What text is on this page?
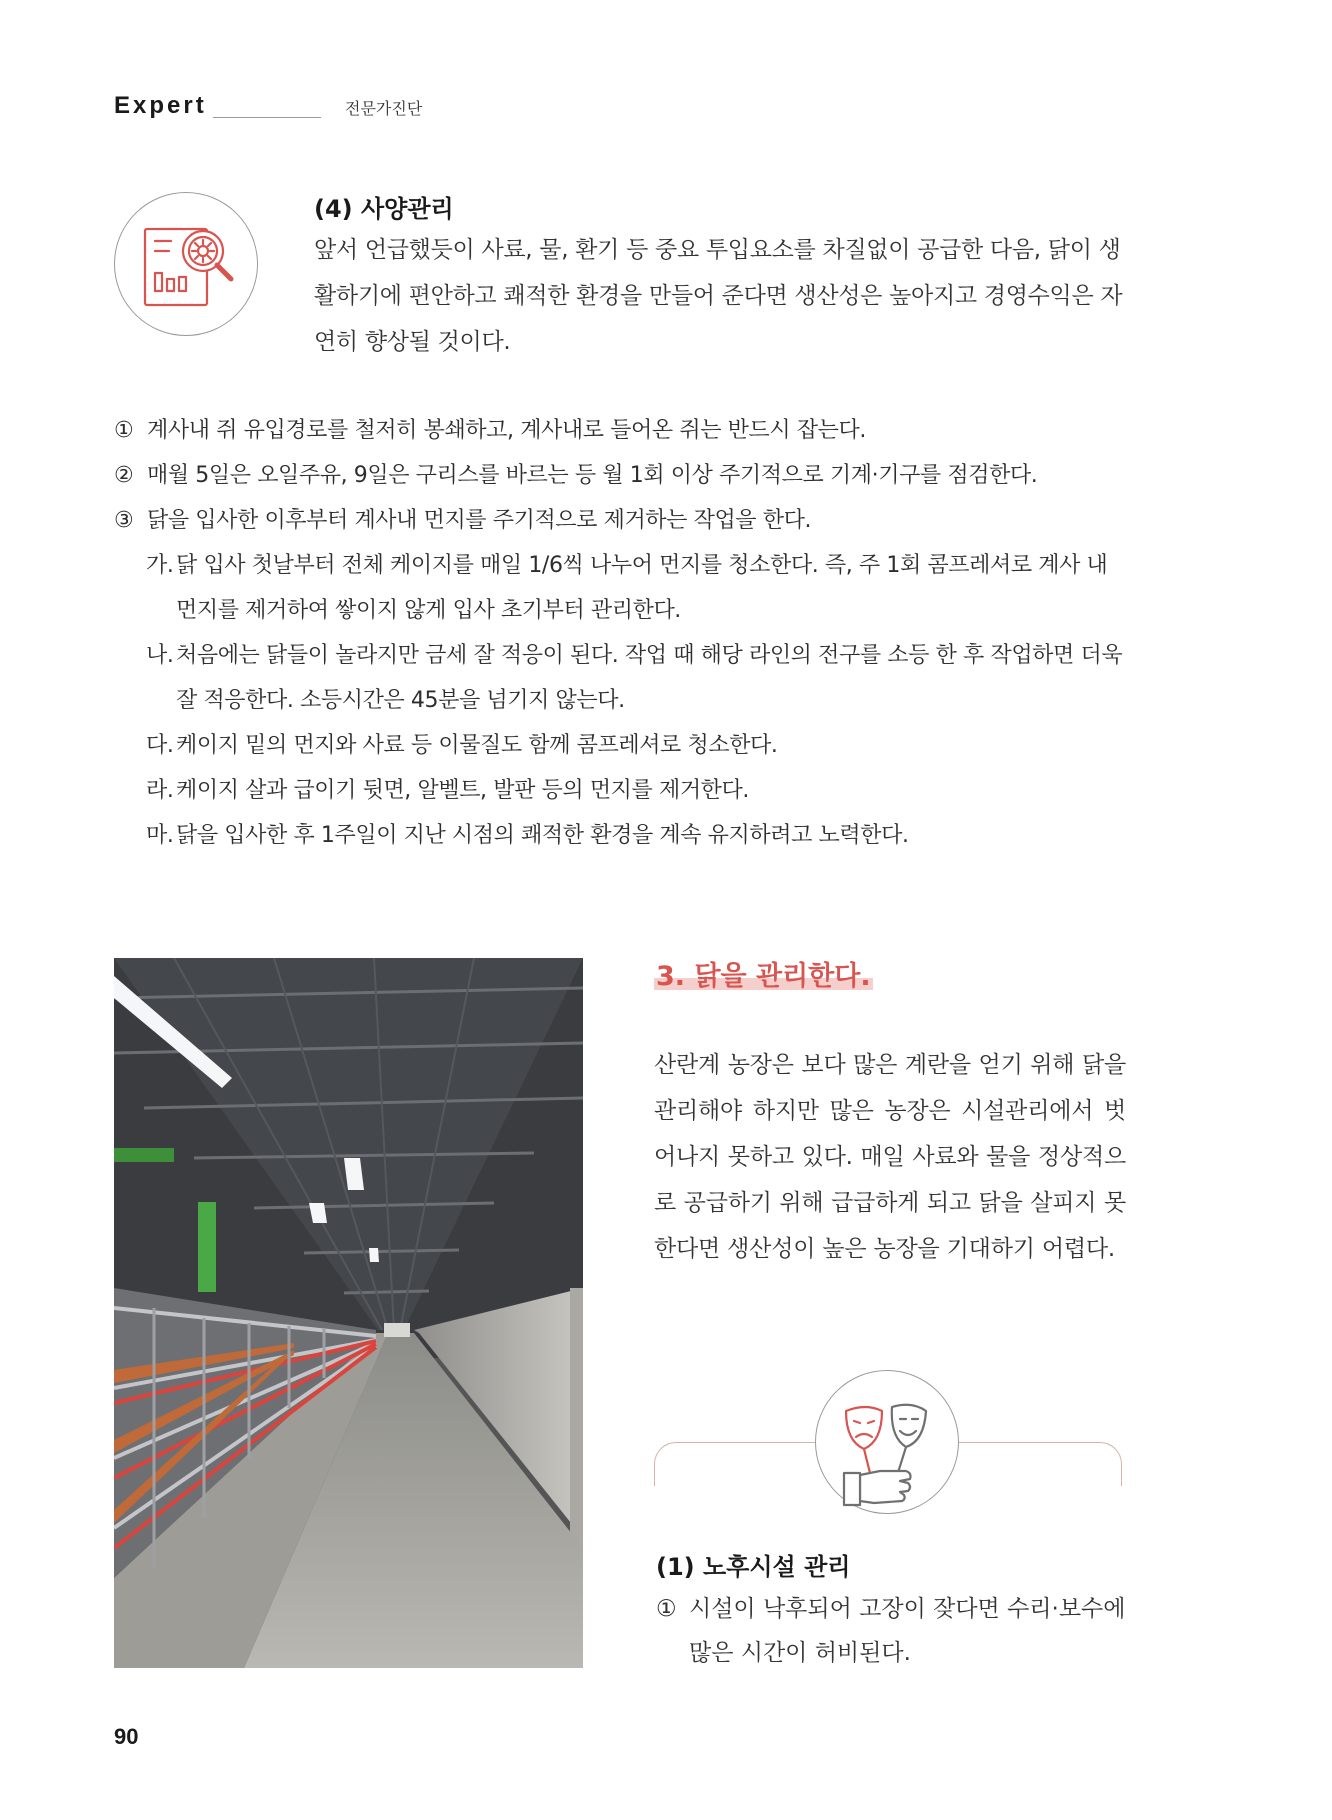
Expert	전문가진단
(4) 사양관리
앞서 언급했듯이 사료, 물, 환기 등 중요 투입요소를 차질없이 공급한 다음, 닭이 생활하기에 편안하고 쾌적한 환경을 만들어 준다면 생산성은 높아지고 경영수익은 자연히 향상될 것이다.
① 계사내 쥐 유입경로를 철저히 봉쇄하고, 계사내로 들어온 쥐는 반드시 잡는다.
② 매월 5일은 오일주유, 9일은 구리스를 바르는 등 월 1회 이상 주기적으로 기계·기구를 점검한다.
③ 닭을 입사한 이후부터 계사내 먼지를 주기적으로 제거하는 작업을 한다.
가. 닭 입사 첫날부터 전체 케이지를 매일 1/6씩 나누어 먼지를 청소한다. 즉, 주 1회 콤프레셔로 계사 내 먼지를 제거하여 쌓이지 않게 입사 초기부터 관리한다.
나. 처음에는 닭들이 놀라지만 금세 잘 적응이 된다. 작업 때 해당 라인의 전구를 소등 한 후 작업하면 더욱 잘 적응한다. 소등시간은 45분을 넘기지 않는다.
다. 케이지 밑의 먼지와 사료 등 이물질도 함께 콤프레셔로 청소한다.
라. 케이지 살과 급이기 뒷면, 알벨트, 발판 등의 먼지를 제거한다.
마. 닭을 입사한 후 1주일이 지난 시점의 쾌적한 환경을 계속 유지하려고 노력한다.
3. 닭을 관리한다.
산란계 농장은 보다 많은 계란을 얻기 위해 닭을 관리해야 하지만 많은 농장은 시설관리에서 벗어나지 못하고 있다. 매일 사료와 물을 정상적으로 공급하기 위해 급급하게 되고 닭을 살피지 못한다면 생산성이 높은 농장을 기대하기 어렵다.
(1) 노후시설 관리
① 시설이 낙후되어 고장이 잦다면 수리·보수에 많은 시간이 허비된다.
90
